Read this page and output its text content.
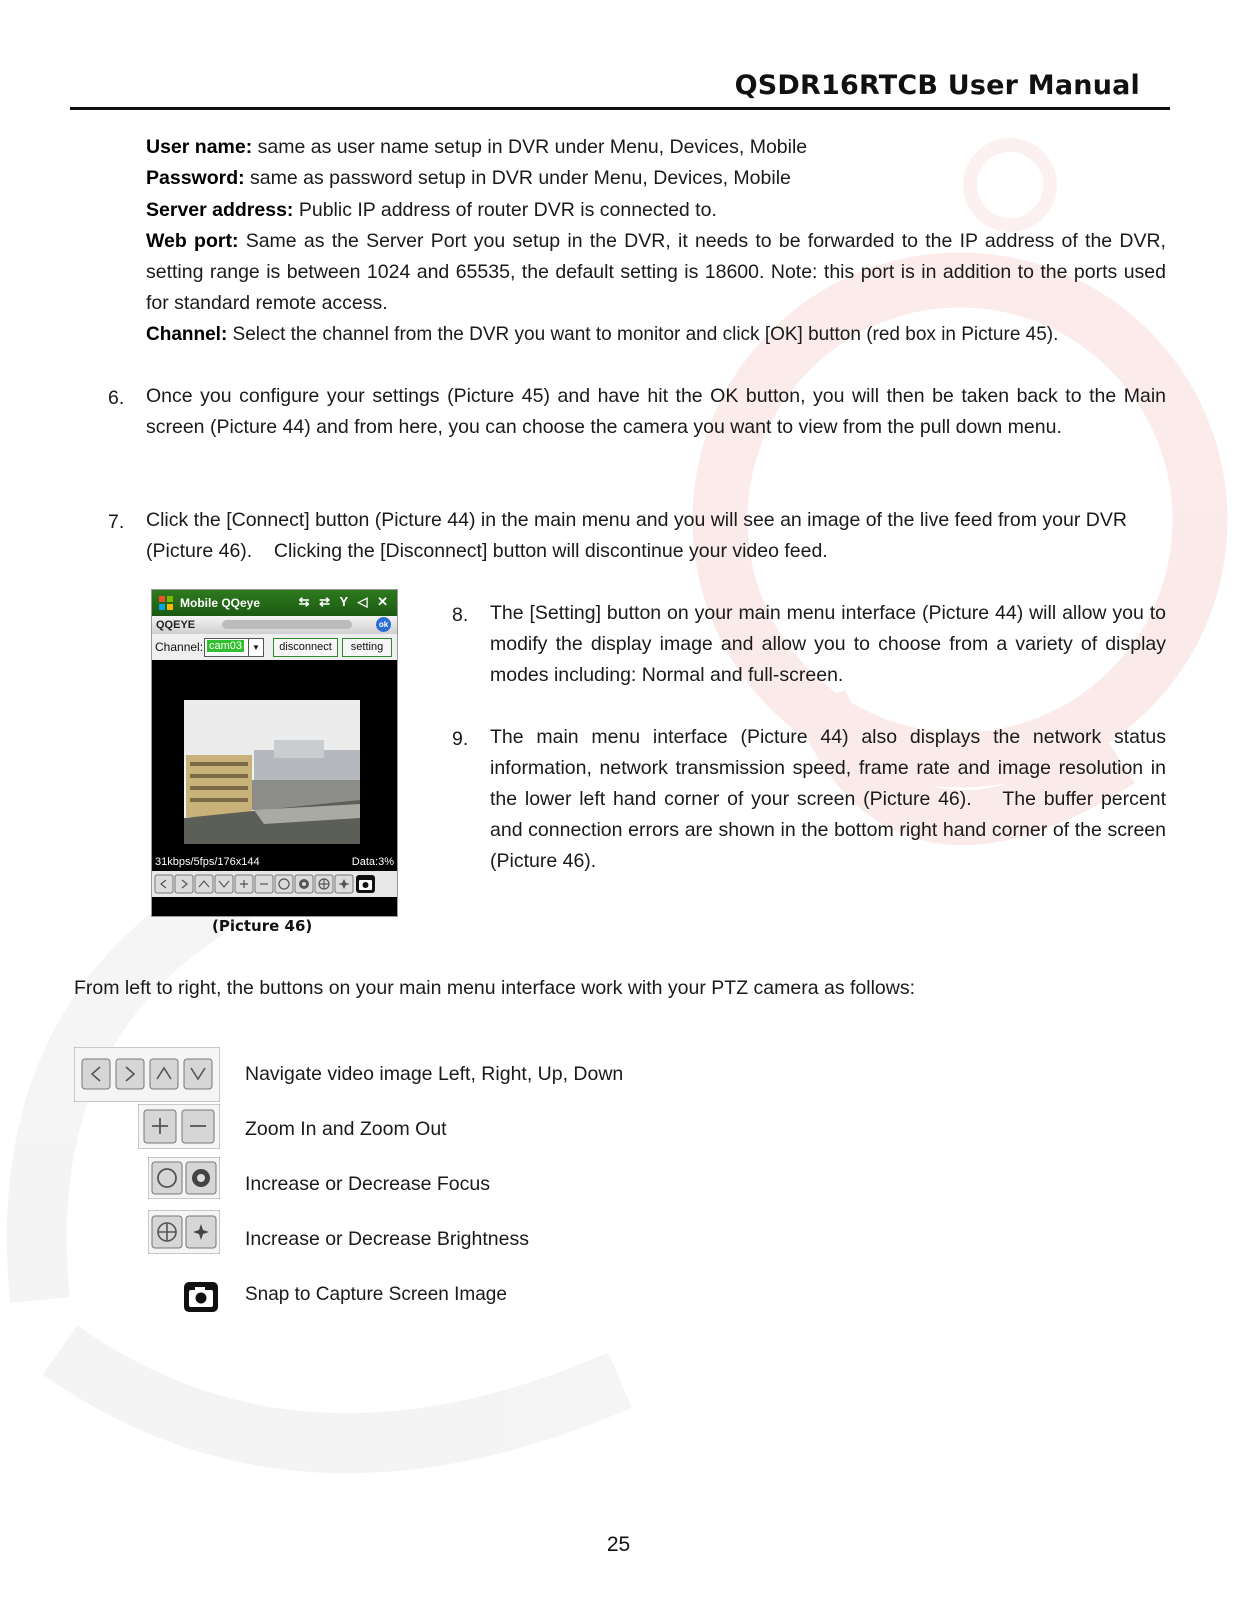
QSDR16RTCB User Manual
User name: same as user name setup in DVR under Menu, Devices, Mobile
Password: same as password setup in DVR under Menu, Devices, Mobile
Server address: Public IP address of router DVR is connected to.
Web port: Same as the Server Port you setup in the DVR, it needs to be forwarded to the IP address of the DVR, setting range is between 1024 and 65535, the default setting is 18600. Note: this port is in addition to the ports used for standard remote access.
Channel: Select the channel from the DVR you want to monitor and click [OK] button (red box in Picture 45).
6. Once you configure your settings (Picture 45) and have hit the OK button, you will then be taken back to the Main screen (Picture 44) and from here, you can choose the camera you want to view from the pull down menu.
7. Click the [Connect] button (Picture 44) in the main menu and you will see an image of the live feed from your DVR (Picture 46).    Clicking the [Disconnect] button will discontinue your video feed.
Mobile QQeye	⇆ ⇄ Y ◁ ✕
QQEYE	ok
Channel: cam03	▼	disconnect	setting
31kbps/5fps/176x144	Data:3%
(Picture 46)
8. The [Setting] button on your main menu interface (Picture 44) will allow you to modify the display image and allow you to choose from a variety of display modes including: Normal and full-screen.
9. The main menu interface (Picture 44) also displays the network status information, network transmission speed, frame rate and image resolution in the lower left hand corner of your screen (Picture 46).    The buffer percent and connection errors are shown in the bottom right hand corner of the screen (Picture 46).
From left to right, the buttons on your main menu interface work with your PTZ camera as follows:
Navigate video image Left, Right, Up, Down
Zoom In and Zoom Out
Increase or Decrease Focus
Increase or Decrease Brightness
Snap to Capture Screen Image
25
